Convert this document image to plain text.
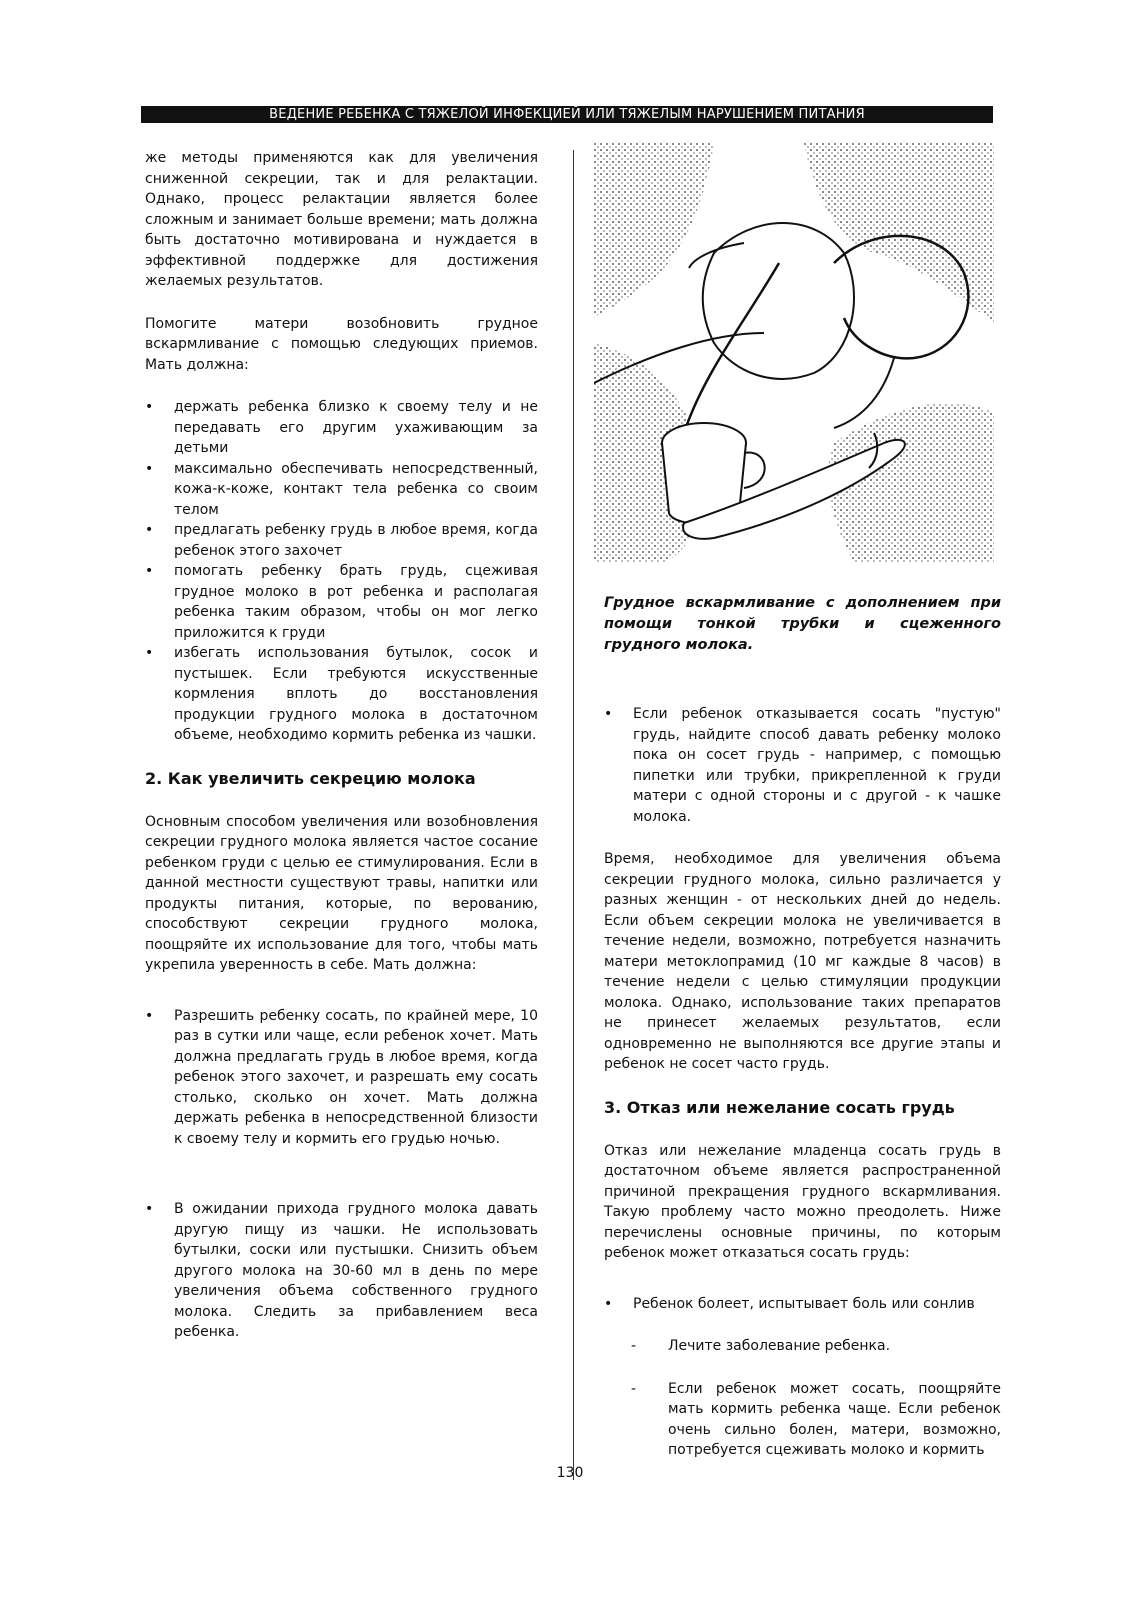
ВЕДЕНИЕ РЕБЕНКА С ТЯЖЕЛОЙ ИНФЕКЦИЕЙ ИЛИ ТЯЖЕЛЫМ НАРУШЕНИЕМ ПИТАНИЯ

же методы применяются как для увеличения сниженной секреции, так и для релактации. Однако, процесс релактации является более сложным и занимает больше времени; мать должна быть достаточно мотивирована и нуждается в эффективной поддержке для достижения желаемых результатов.

Помогите матери возобновить грудное вскармливание с помощью следующих приемов. Мать должна:

• держать ребенка близко к своему телу и не передавать его другим ухаживающим за детьми
• максимально обеспечивать непосредственный, кожа-к-коже, контакт тела ребенка со своим телом
• предлагать ребенку грудь в любое время, когда ребенок этого захочет
• помогать ребенку брать грудь, сцеживая грудное молоко в рот ребенка и располагая ребенка таким образом, чтобы он мог легко приложится к груди
• избегать использования бутылок, сосок и пустышек. Если требуются искусственные кормления вплоть до восстановления продукции грудного молока в достаточном объеме, необходимо кормить ребенка из чашки.
2. Как увеличить секрецию молока

Основным способом увеличения или возобновления секреции грудного молока является частое сосание ребенком груди с целью ее стимулирования. Если в данной местности существуют травы, напитки или продукты питания, которые, по верованию, способствуют секреции грудного молока, поощряйте их использование для того, чтобы мать укрепила уверенность в себе. Мать должна:

• Разрешить ребенку сосать, по крайней мере, 10 раз в сутки или чаще, если ребенок хочет. Мать должна предлагать грудь в любое время, когда ребенок этого захочет, и разрешать ему сосать столько, сколько он хочет. Мать должна держать ребенка в непосредственной близости к своему телу и кормить его грудью ночью.
• В ожидании прихода грудного молока давать другую пищу из чашки. Не использовать бутылки, соски или пустышки. Снизить объем другого молока на 30-60 мл в день по мере увеличения объема собственного грудного молока. Следить за прибавлением веса ребенка.

Грудное вскармливание с дополнением при помощи тонкой трубки и сцеженного грудного молока.

• Если ребенок отказывается сосать "пустую" грудь, найдите способ давать ребенку молоко пока он сосет грудь - например, с помощью пипетки или трубки, прикрепленной к груди матери с одной стороны и с другой - к чашке молока.

Время, необходимое для увеличения объема секреции грудного молока, сильно различается у разных женщин - от нескольких дней до недель. Если объем секреции молока не увеличивается в течение недели, возможно, потребуется назначить матери метоклопрамид (10 мг каждые 8 часов) в течение недели с целью стимуляции продукции молока. Однако, использование таких препаратов не принесет желаемых результатов, если одновременно не выполняются все другие этапы и ребенок не сосет часто грудь.

3. Отказ или нежелание сосать грудь

Отказ или нежелание младенца сосать грудь в достаточном объеме является распространенной причиной прекращения грудного вскармливания. Такую проблему часто можно преодолеть. Ниже перечислены основные причины, по которым ребенок может отказаться сосать грудь:

• Ребенок болеет, испытывает боль или сонлив
- Лечите заболевание ребенка.
- Если ребенок может сосать, поощряйте мать кормить ребенка чаще. Если ребенок очень сильно болен, матери, возможно, потребуется сцеживать молоко и кормить
130
